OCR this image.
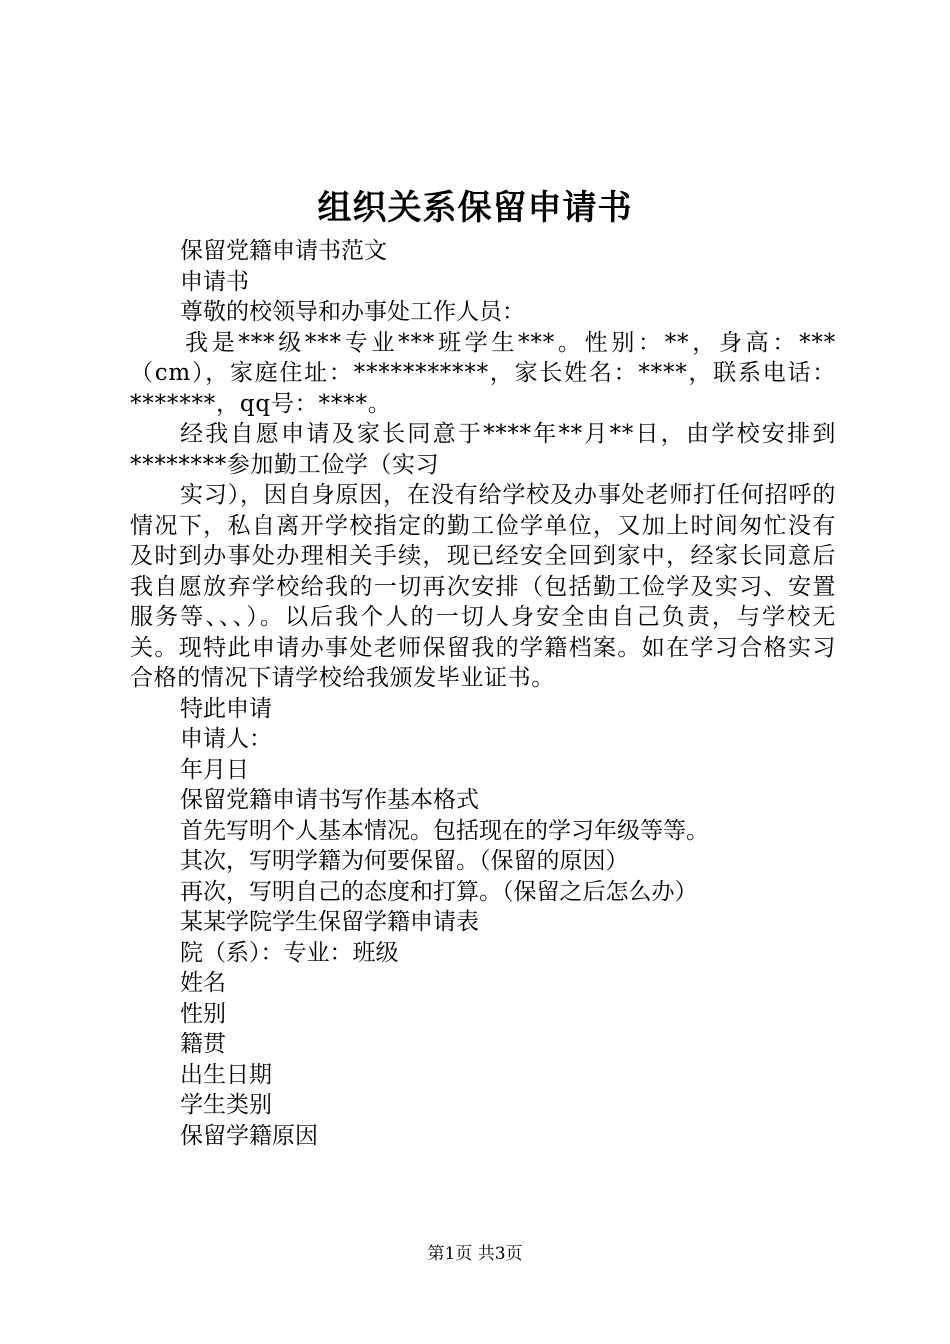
组织关系保留申请书
保留党籍申请书范文
申请书
尊敬的校领导和办事处工作人员：
我是***级***专业***班学生***。性别：**，身高：***（cm），家庭住址：***********，家长姓名：****，联系电话：*******，qq号：****。
经我自愿申请及家长同意于****年**月**日，由学校安排到********参加勤工俭学（实习
实习），因自身原因，在没有给学校及办事处老师打任何招呼的情况下，私自离开学校指定的勤工俭学单位，又加上时间匆忙没有及时到办事处办理相关手续，现已经安全回到家中，经家长同意后我自愿放弃学校给我的一切再次安排（包括勤工俭学及实习、安置服务等、、、）。以后我个人的一切人身安全由自己负责，与学校无关。现特此申请办事处老师保留我的学籍档案。如在学习合格实习合格的情况下请学校给我颁发毕业证书。
特此申请
申请人：
年月日
保留党籍申请书写作基本格式
首先写明个人基本情况。包括现在的学习年级等等。
其次，写明学籍为何要保留。（保留的原因）
再次，写明自己的态度和打算。（保留之后怎么办）
某某学院学生保留学籍申请表
院（系）：专业：班级
姓名
性别
籍贯
出生日期
学生类别
保留学籍原因
第1页 共3页
